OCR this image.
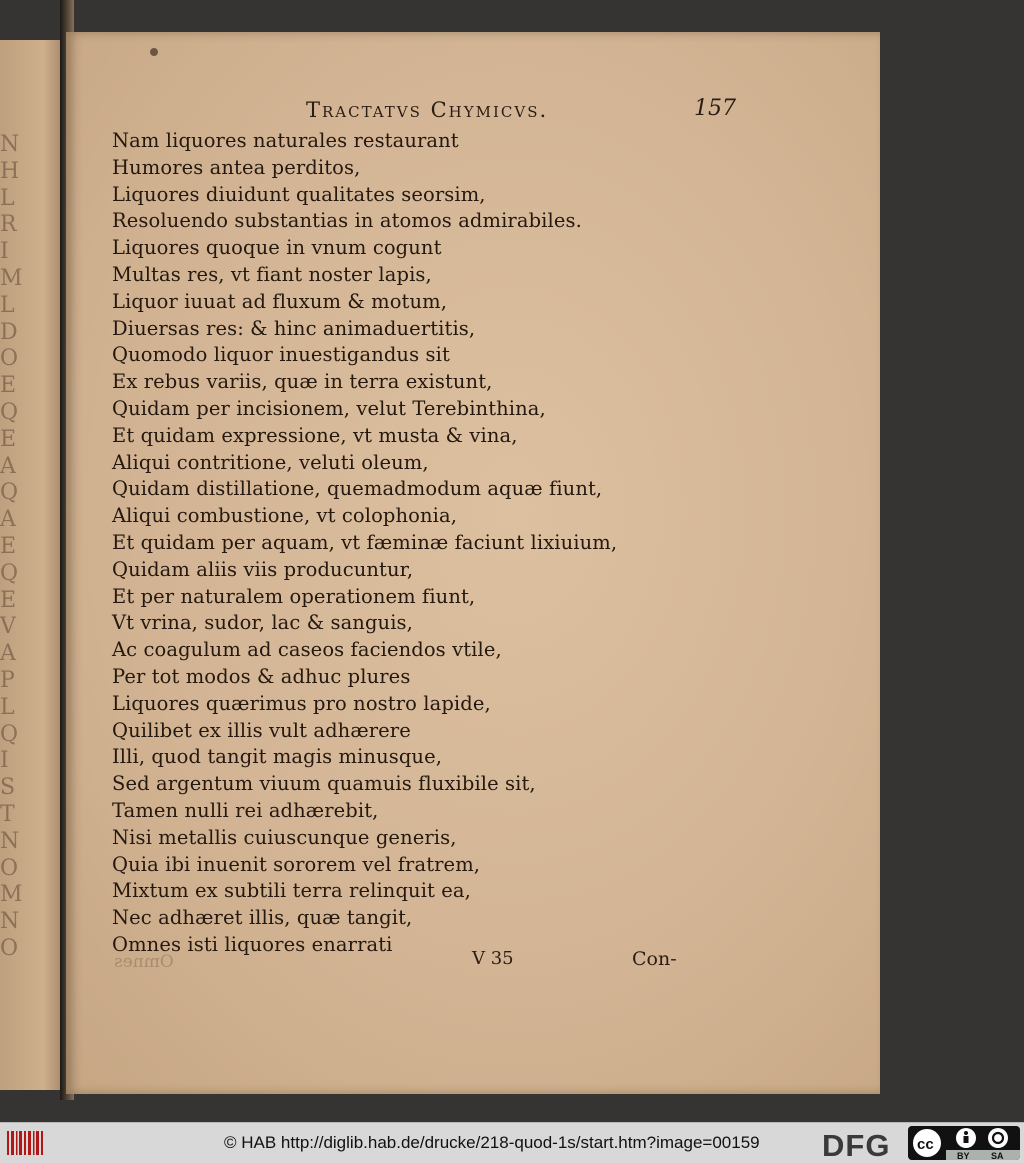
N
H
L
R
I
M
L
D
O
E
Q
E
A
Q
A
E
Q
E
V
A
P
L
Q
I
S
T
N
O
M
N
O
Tractatvs Chymicvs.	157
Nam liquores naturales restaurant
Humores antea perditos,
Liquores diuidunt qualitates seorsim,
Resoluendo substantias in atomos admirabiles.
Liquores quoque in vnum cogunt
Multas res, vt fiant noster lapis,
Liquor iuuat ad fluxum & motum,
Diuersas res: & hinc animaduertitis,
Quomodo liquor inuestigandus sit
Ex rebus variis, quæ in terra existunt,
Quidam per incisionem, velut Terebinthina,
Et quidam expressione, vt musta & vina,
Aliqui contritione, veluti oleum,
Quidam distillatione, quemadmodum aquæ fiunt,
Aliqui combustione, vt colophonia,
Et quidam per aquam, vt fæminæ faciunt lixiuium,
Quidam aliis viis producuntur,
Et per naturalem operationem fiunt,
Vt vrina, sudor, lac & sanguis,
Ac coagulum ad caseos faciendos vtile,
Per tot modos & adhuc plures
Liquores quærimus pro nostro lapide,
Quilibet ex illis vult adhærere
Illi, quod tangit magis minusque,
Sed argentum viuum quamuis fluxibile sit,
Tamen nulli rei adhærebit,
Nisi metallis cuiuscunque generis,
Quia ibi inuenit sororem vel fratrem,
Mixtum ex subtili terra relinquit ea,
Nec adhæret illis, quæ tangit,
Omnes isti liquores enarrati
Omnes	V 35	Con-
© HAB http://diglib.hab.de/drucke/218-quod-1s/start.htm?image=00159 DFG cc
BY SA
